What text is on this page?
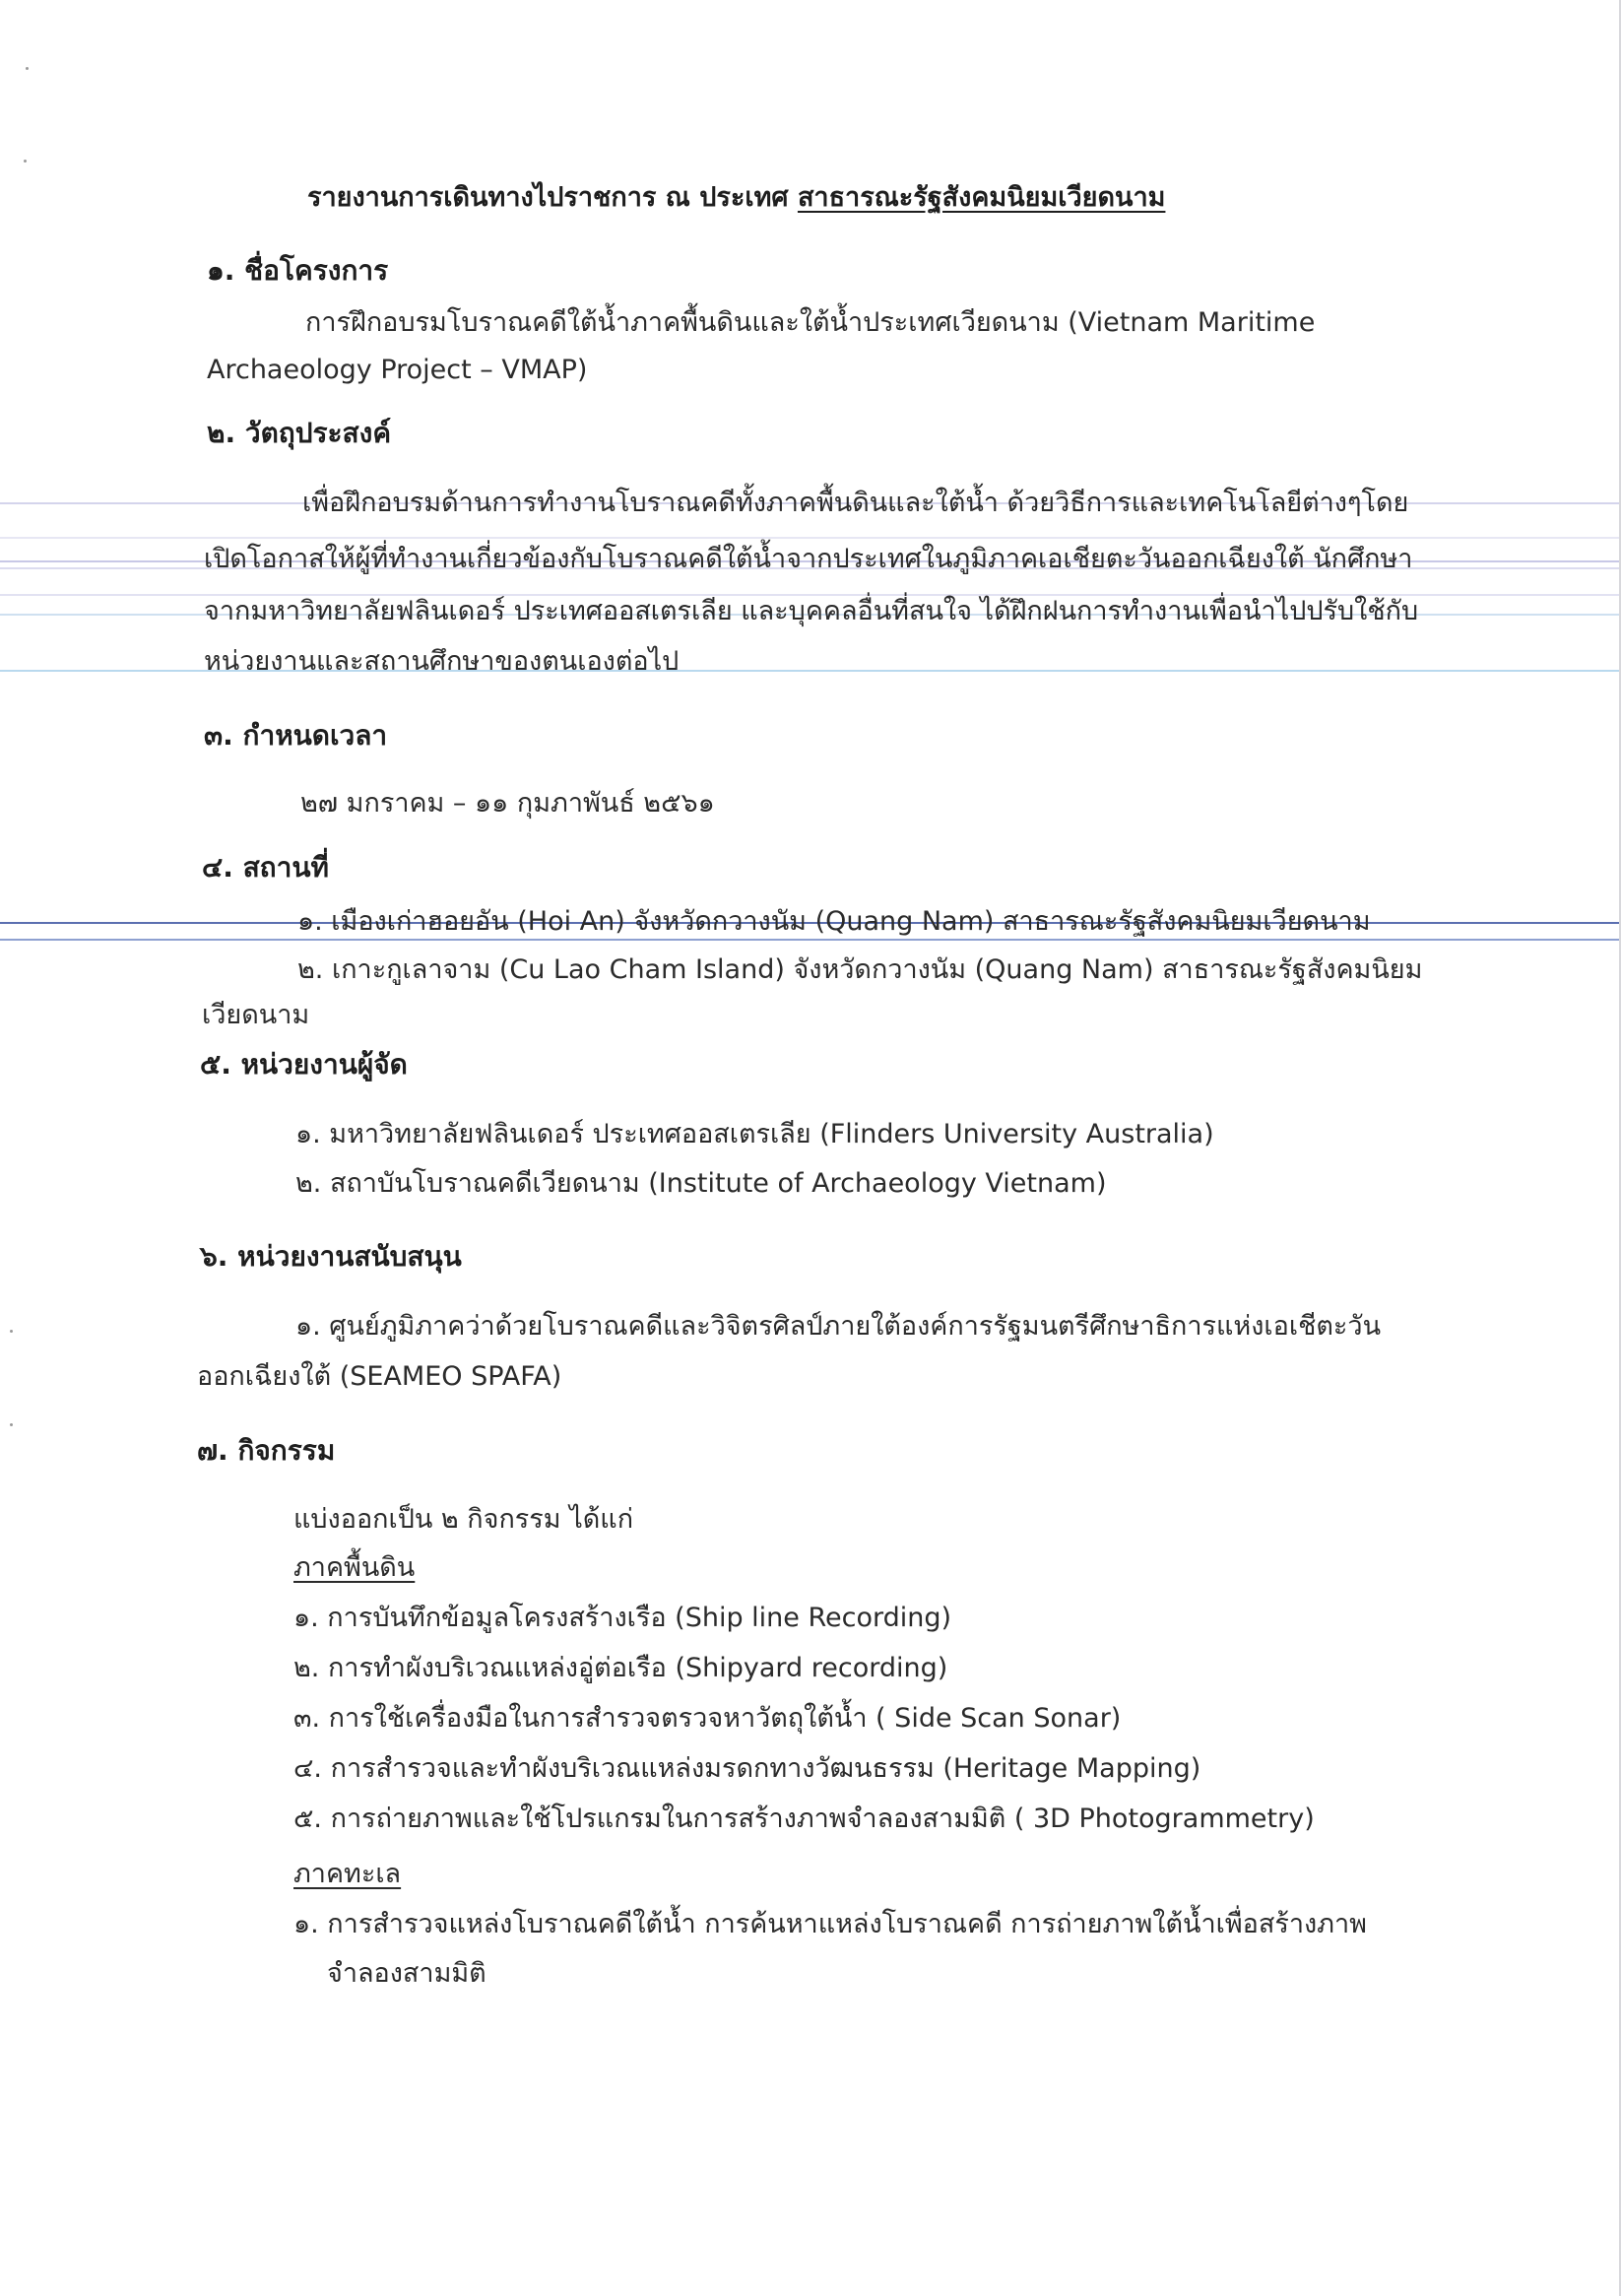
รายงานการเดินทางไปราชการ ณ ประเทศ สาธารณะรัฐสังคมนิยมเวียดนาม
๑. ชื่อโครงการ
การฝึกอบรมโบราณคดีใต้น้ำภาคพื้นดินและใต้น้ำประเทศเวียดนาม (Vietnam Maritime
Archaeology Project – VMAP)
๒. วัตถุประสงค์
เพื่อฝึกอบรมด้านการทำงานโบราณคดีทั้งภาคพื้นดินและใต้น้ำ ด้วยวิธีการและเทคโนโลยีต่างๆโดย
เปิดโอกาสให้ผู้ที่ทำงานเกี่ยวข้องกับโบราณคดีใต้น้ำจากประเทศในภูมิภาคเอเชียตะวันออกเฉียงใต้ นักศึกษา
จากมหาวิทยาลัยฟลินเดอร์ ประเทศออสเตรเลีย และบุคคลอื่นที่สนใจ ได้ฝึกฝนการทำงานเพื่อนำไปปรับใช้กับ
หน่วยงานและสถานศึกษาของตนเองต่อไป
๓. กำหนดเวลา
๒๗ มกราคม – ๑๑ กุมภาพันธ์ ๒๕๖๑
๔. สถานที่
๑. เมืองเก่าฮอยอัน (Hoi An) จังหวัดกวางนัม (Quang Nam) สาธารณะรัฐสังคมนิยมเวียดนาม
๒. เกาะกูเลาจาม (Cu Lao Cham Island) จังหวัดกวางนัม (Quang Nam) สาธารณะรัฐสังคมนิยม
เวียดนาม
๕. หน่วยงานผู้จัด
๑. มหาวิทยาลัยฟลินเดอร์ ประเทศออสเตรเลีย (Flinders University Australia)
๒. สถาบันโบราณคดีเวียดนาม (Institute of Archaeology Vietnam)
๖. หน่วยงานสนับสนุน
๑. ศูนย์ภูมิภาคว่าด้วยโบราณคดีและวิจิตรศิลป์ภายใต้องค์การรัฐมนตรีศึกษาธิการแห่งเอเชีตะวัน
ออกเฉียงใต้ (SEAMEO SPAFA)
๗. กิจกรรม
แบ่งออกเป็น ๒ กิจกรรม ได้แก่
ภาคพื้นดิน
๑. การบันทึกข้อมูลโครงสร้างเรือ (Ship line Recording)
๒. การทำผังบริเวณแหล่งอู่ต่อเรือ (Shipyard recording)
๓. การใช้เครื่องมือในการสำรวจตรวจหาวัตถุใต้น้ำ ( Side Scan Sonar)
๔. การสำรวจและทำผังบริเวณแหล่งมรดกทางวัฒนธรรม (Heritage Mapping)
๕. การถ่ายภาพและใช้โปรแกรมในการสร้างภาพจำลองสามมิติ ( 3D Photogrammetry)
ภาคทะเล
๑. การสำรวจแหล่งโบราณคดีใต้น้ำ การค้นหาแหล่งโบราณคดี การถ่ายภาพใต้น้ำเพื่อสร้างภาพ
จำลองสามมิติ
